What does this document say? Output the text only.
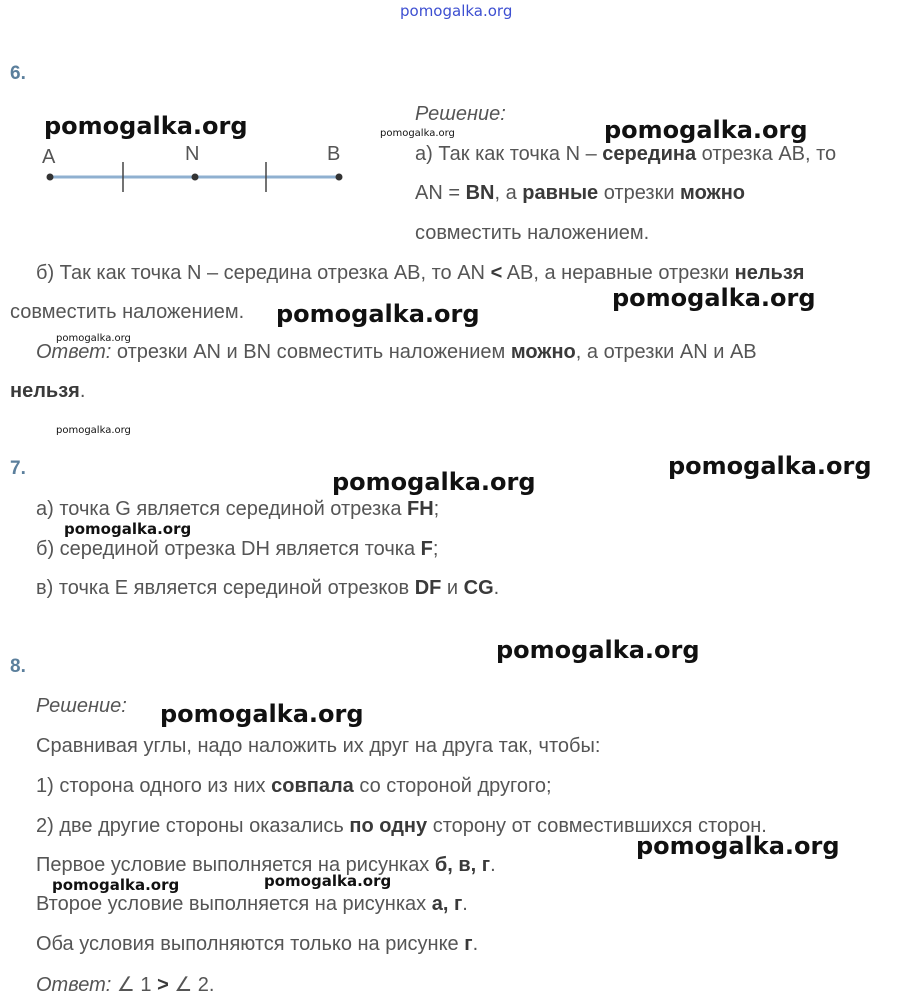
pomogalka.org
6.
A	N	B
Решение:
а) Так как точка N – середина отрезка AB, то
AN = BN, а равные отрезки можно
совместить наложением.
б) Так как точка N – середина отрезка AB, то AN < AB, а неравные отрезки нельзя
совместить наложением.
Ответ: отрезки AN и BN совместить наложением можно, а отрезки AN и AB
нельзя.
7.
а) точка G является серединой отрезка FH;
б) серединой отрезка DH является точка F;
в) точка E является серединой отрезков DF и CG.
8.
Решение:
Сравнивая углы, надо наложить их друг на друга так, чтобы:
1) сторона одного из них совпала со стороной другого;
2) две другие стороны оказались по одну сторону от совместившихся сторон.
Первое условие выполняется на рисунках б, в, г.
Второе условие выполняется на рисунках а, г.
Оба условия выполняются только на рисунке г.
Ответ: ∠ 1 > ∠ 2.
pomogalka.org	pomogalka.org	pomogalka.org
pomogalka.org
pomogalka.org
pomogalka.org
pomogalka.org
pomogalka.org
pomogalka.org
pomogalka.org
pomogalka.org
pomogalka.org
pomogalka.org
pomogalka.org	pomogalka.org
